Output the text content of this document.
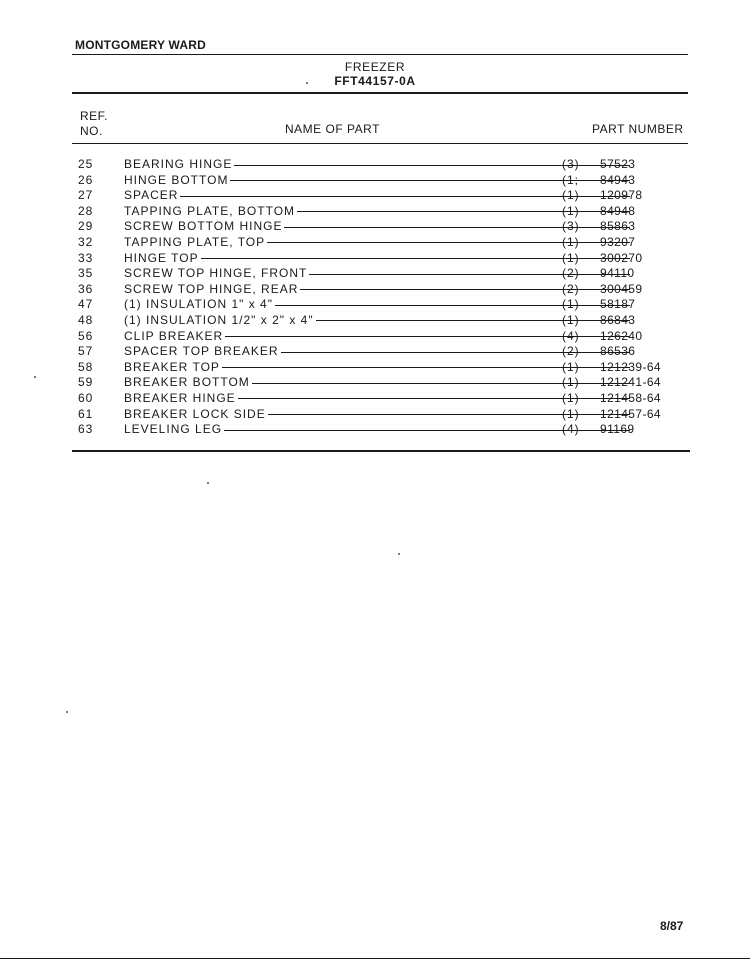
MONTGOMERY WARD
FREEZER
FFT44157-0A
REF.
NO.	NAME OF PART	PART NUMBER
25	BEARING HINGE	(3) 57523
26	HINGE BOTTOM	(1; 84943
27	SPACER	(1) 120978
28	TAPPING PLATE, BOTTOM	(1) 84948
29	SCREW BOTTOM HINGE	(3) 85863
32	TAPPING PLATE, TOP	(1) 93207
33	HINGE TOP	(1) 300270
35	SCREW TOP HINGE, FRONT	(2) 94110
36	SCREW TOP HINGE, REAR	(2) 300459
47	(1) INSULATION 1" x 4"	(1) 58187
48	(1) INSULATION 1/2" x 2" x 4"	(1) 86843
56	CLIP BREAKER	(4) 126240
57	SPACER TOP BREAKER	(2) 86536
58	BREAKER TOP	(1) 121239-64
59	BREAKER BOTTOM	(1) 121241-64
60	BREAKER HINGE	(1) 121458-64
61	BREAKER LOCK SIDE	(1) 121457-64
63	LEVELING LEG	(4) 91169
8/87
